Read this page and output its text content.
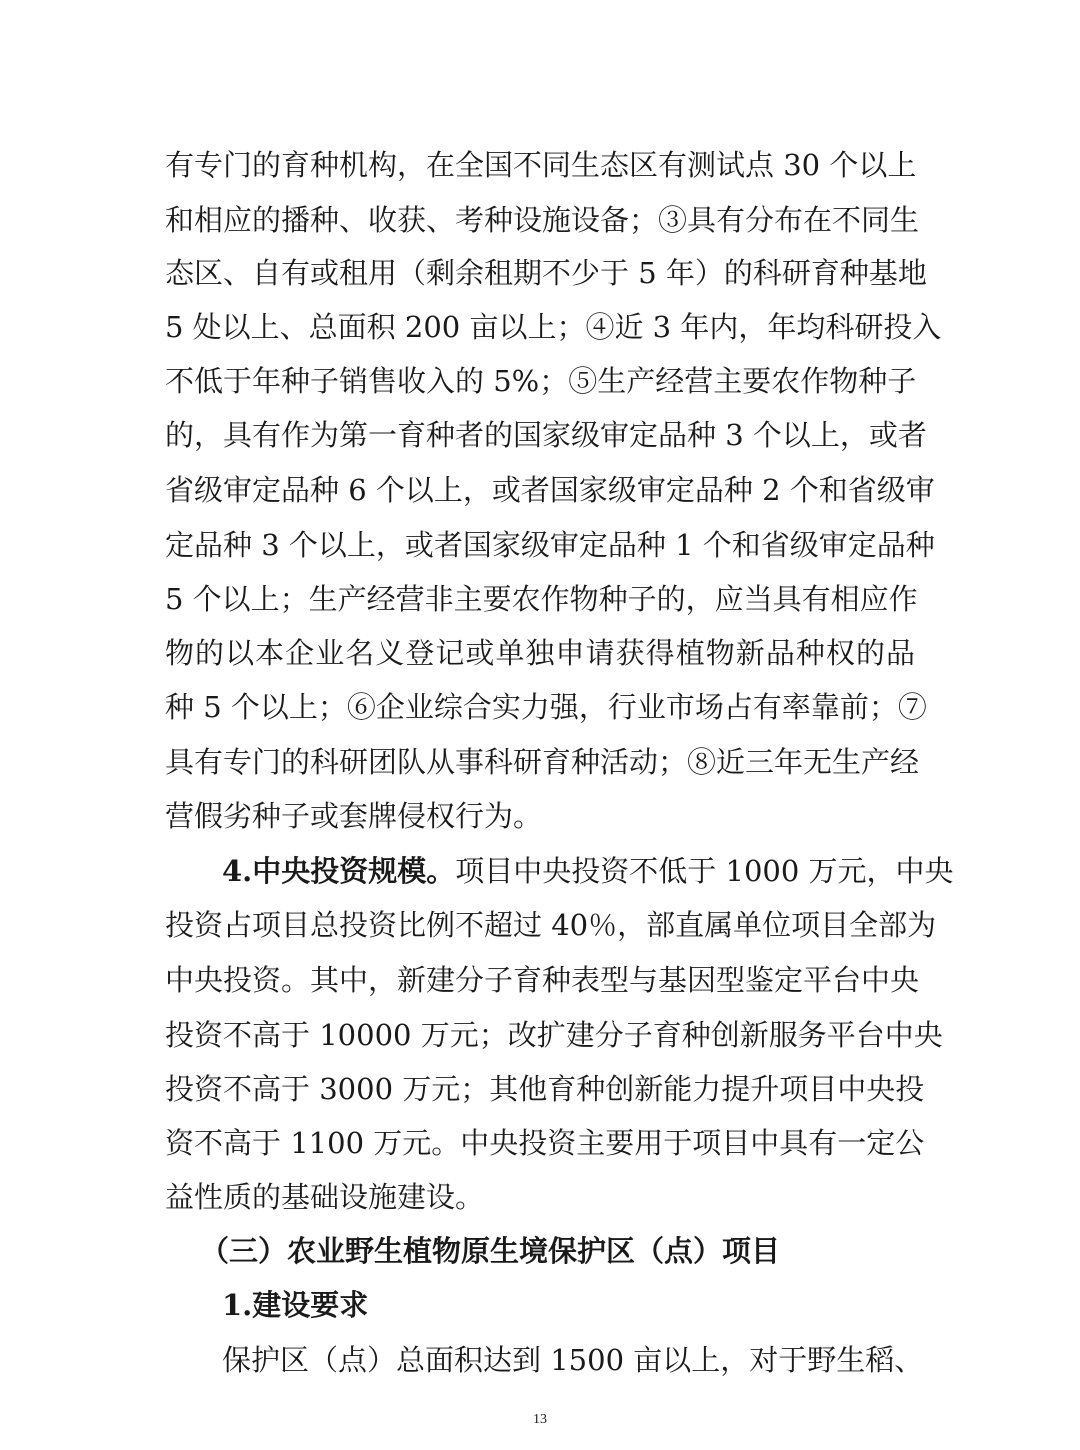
有专门的育种机构，在全国不同生态区有测试点 30 个以上
和相应的播种、收获、考种设施设备；③具有分布在不同生
态区、自有或租用（剩余租期不少于 5 年）的科研育种基地
5 处以上、总面积 200 亩以上；④近 3 年内，年均科研投入
不低于年种子销售收入的 5%；⑤生产经营主要农作物种子
的，具有作为第一育种者的国家级审定品种 3 个以上，或者
省级审定品种 6 个以上，或者国家级审定品种 2 个和省级审
定品种 3 个以上，或者国家级审定品种 1 个和省级审定品种
5 个以上；生产经营非主要农作物种子的，应当具有相应作
物的以本企业名义登记或单独申请获得植物新品种权的品
种 5 个以上；⑥企业综合实力强，行业市场占有率靠前；⑦
具有专门的科研团队从事科研育种活动；⑧近三年无生产经
营假劣种子或套牌侵权行为。
4.中央投资规模。项目中央投资不低于 1000 万元，中央
投资占项目总投资比例不超过 40％，部直属单位项目全部为
中央投资。其中，新建分子育种表型与基因型鉴定平台中央
投资不高于 10000 万元；改扩建分子育种创新服务平台中央
投资不高于 3000 万元；其他育种创新能力提升项目中央投
资不高于 1100 万元。中央投资主要用于项目中具有一定公
益性质的基础设施建设。
（三）农业野生植物原生境保护区（点）项目
1.建设要求
保护区（点）总面积达到 1500 亩以上，对于野生稻、
13
